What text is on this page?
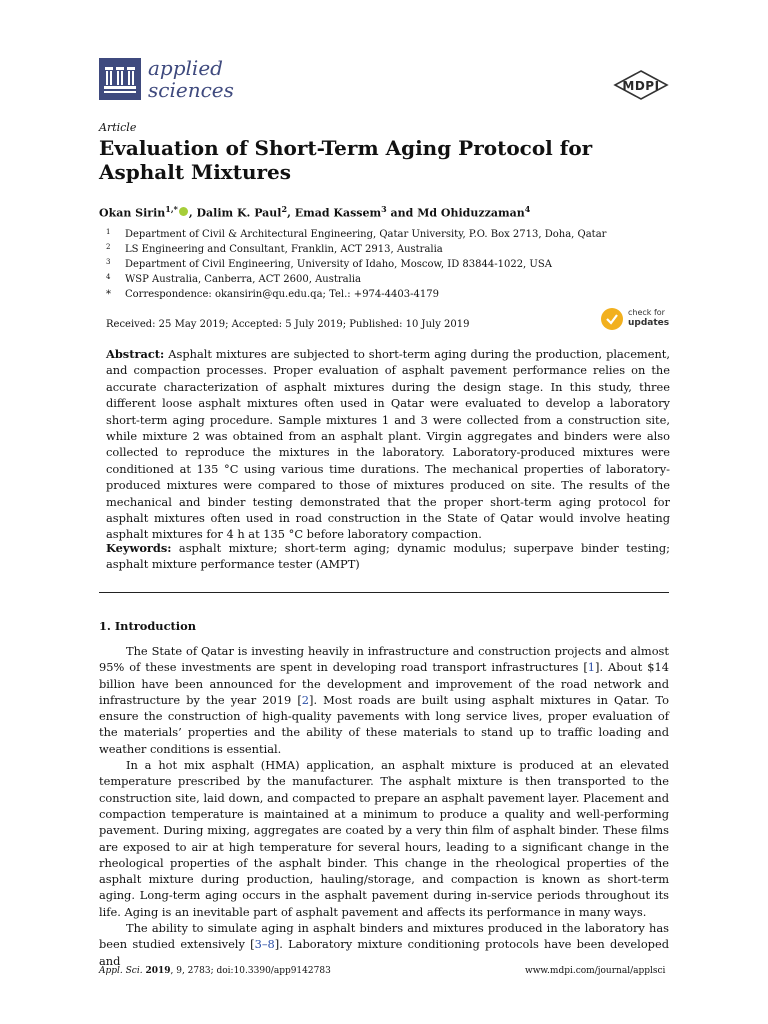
applied
sciences	MDPI
Article
Evaluation of Short-Term Aging Protocol for Asphalt Mixtures
Okan Sirin$^{1,*}$ , Dalim K. Paul$^2$, Emad Kassem$^3$ and Md Ohiduzzaman$^4$
1	Department of Civil & Architectural Engineering, Qatar University, P.O. Box 2713, Doha, Qatar
2	LS Engineering and Consultant, Franklin, ACT 2913, Australia
3	Department of Civil Engineering, University of Idaho, Moscow, ID 83844-1022, USA
4	WSP Australia, Canberra, ACT 2600, Australia
*	Correspondence: okansirin@qu.edu.qa; Tel.: +974-4403-4179
Received: 25 May 2019; Accepted: 5 July 2019; Published: 10 July 2019
check for
updates

Abstract: Asphalt mixtures are subjected to short-term aging during the production, placement, and compaction processes. Proper evaluation of asphalt pavement performance relies on the accurate characterization of asphalt mixtures during the design stage. In this study, three different loose asphalt mixtures often used in Qatar were evaluated to develop a laboratory short-term aging procedure. Sample mixtures 1 and 3 were collected from a construction site, while mixture 2 was obtained from an asphalt plant. Virgin aggregates and binders were also collected to reproduce the mixtures in the laboratory. Laboratory-produced mixtures were conditioned at 135 °C using various time durations. The mechanical properties of laboratory-produced mixtures were compared to those of mixtures produced on site. The results of the mechanical and binder testing demonstrated that the proper short-term aging protocol for asphalt mixtures often used in road construction in the State of Qatar would involve heating asphalt mixtures for 4 h at 135 °C before laboratory compaction.

Keywords: asphalt mixture; short-term aging; dynamic modulus; superpave binder testing; asphalt mixture performance tester (AMPT)

1. Introduction

The State of Qatar is investing heavily in infrastructure and construction projects and almost 95% of these investments are spent in developing road transport infrastructures [1]. About $14 billion have been announced for the development and improvement of the road network and infrastructure by the year 2019 [2]. Most roads are built using asphalt mixtures in Qatar. To ensure the construction of high-quality pavements with long service lives, proper evaluation of the materials’ properties and the ability of these materials to stand up to traffic loading and weather conditions is essential.

In a hot mix asphalt (HMA) application, an asphalt mixture is produced at an elevated temperature prescribed by the manufacturer. The asphalt mixture is then transported to the construction site, laid down, and compacted to prepare an asphalt pavement layer. Placement and compaction temperature is maintained at a minimum to produce a quality and well-performing pavement. During mixing, aggregates are coated by a very thin film of asphalt binder. These films are exposed to air at high temperature for several hours, leading to a significant change in the rheological properties of the asphalt binder. This change in the rheological properties of the asphalt mixture during production, hauling/storage, and compaction is known as short-term aging. Long-term aging occurs in the asphalt pavement during in-service periods throughout its life. Aging is an inevitable part of asphalt pavement and affects its performance in many ways.

The ability to simulate aging in asphalt binders and mixtures produced in the laboratory has been studied extensively [3–8]. Laboratory mixture conditioning protocols have been developed and

Appl. Sci. 2019, 9, 2783; doi:10.3390/app9142783	www.mdpi.com/journal/applsci
